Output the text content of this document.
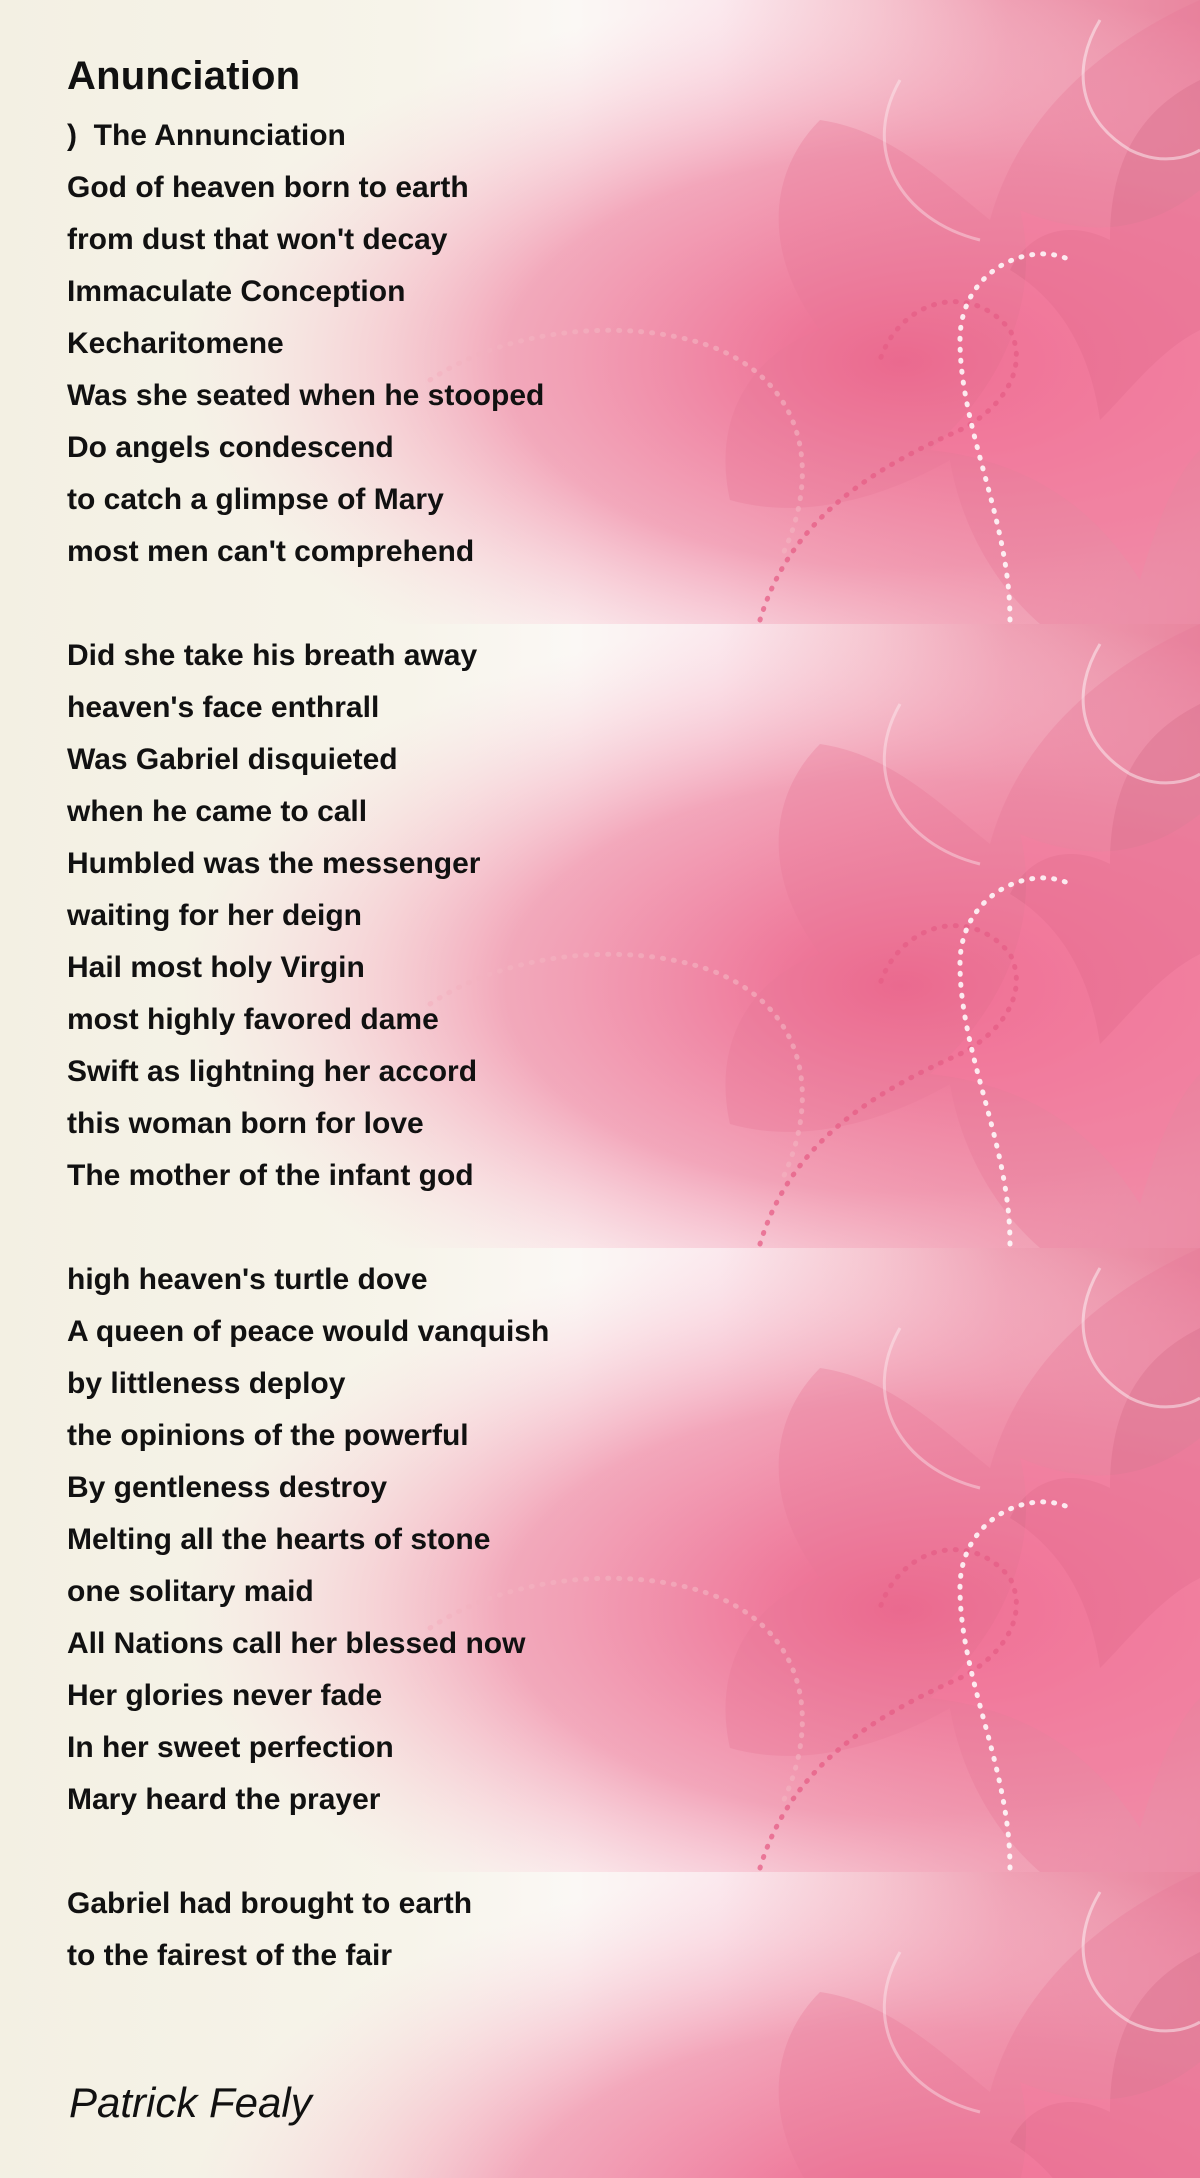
Anunciation
)  The Annunciation
God of heaven born to earth
from dust that won't decay
Immaculate Conception
Kecharitomene
Was she seated when he stooped
Do angels condescend
to catch a glimpse of Mary
most men can't comprehend
Did she take his breath away
heaven's face enthrall
Was Gabriel disquieted
when he came to call
Humbled was the messenger
waiting for her deign
Hail most holy Virgin
most highly favored dame
Swift as lightning her accord
this woman born for love
The mother of the infant god
high heaven's turtle dove
A queen of peace would vanquish
by littleness deploy
the opinions of the powerful
By gentleness destroy
Melting all the hearts of stone
one solitary maid
All Nations call her blessed now
Her glories never fade
In her sweet perfection
Mary heard the prayer
Gabriel had brought to earth
to the fairest of the fair

Patrick Fealy
